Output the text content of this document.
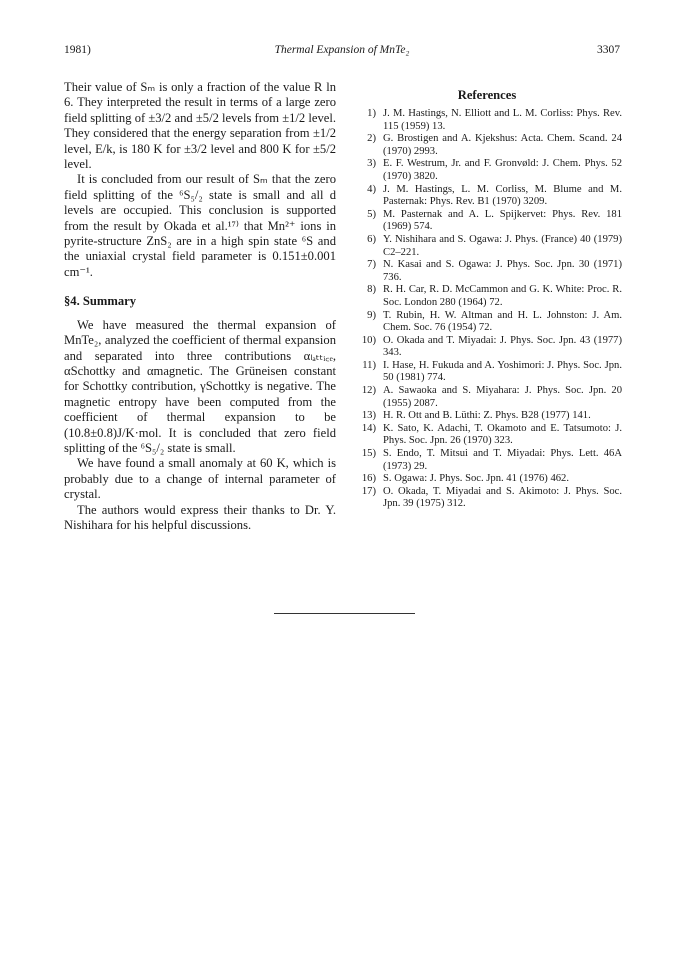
1981)	Thermal Expansion of MnTe₂	3307

Their value of Sₘ is only a fraction of the value R ln 6. They interpreted the result in terms of a large zero field splitting of ±3/2 and ±5/2 levels from ±1/2 level. They considered that the energy separation from ±1/2 level, E/k, is 180 K for ±3/2 level and 800 K for ±5/2 level.

It is concluded from our result of Sₘ that the zero field splitting of the ⁶S₅/₂ state is small and all d levels are occupied. This conclusion is supported from the result by Okada et al.¹⁷⁾ that Mn²⁺ ions in pyrite-structure ZnS₂ are in a high spin state ⁶S and the uniaxial crystal field parameter is 0.151±0.001 cm⁻¹.

§4. Summary

We have measured the thermal expansion of MnTe₂, analyzed the coefficient of thermal expansion and separated into three contributions αₗₐₜₜᵢ꜀ₑ, αSchottky and αmagnetic. The Grüneisen constant for Schottky contribution, γSchottky is negative. The magnetic entropy have been computed from the coefficient of thermal expansion to be (10.8±0.8)J/K·mol. It is concluded that zero field splitting of the ⁶S₅/₂ state is small.

We have found a small anomaly at 60 K, which is probably due to a change of internal parameter of crystal.

The authors would express their thanks to Dr. Y. Nishihara for his helpful discussions.

References
1) J. M. Hastings, N. Elliott and L. M. Corliss: Phys. Rev. 115 (1959) 13.
2) G. Brostigen and A. Kjekshus: Acta. Chem. Scand. 24 (1970) 2993.
3) E. F. Westrum, Jr. and F. Gronvøld: J. Chem. Phys. 52 (1970) 3820.
4) J. M. Hastings, L. M. Corliss, M. Blume and M. Pasternak: Phys. Rev. B1 (1970) 3209.
5) M. Pasternak and A. L. Spijkervet: Phys. Rev. 181 (1969) 574.
6) Y. Nishihara and S. Ogawa: J. Phys. (France) 40 (1979) C2–221.
7) N. Kasai and S. Ogawa: J. Phys. Soc. Jpn. 30 (1971) 736.
8) R. H. Car, R. D. McCammon and G. K. White: Proc. R. Soc. London 280 (1964) 72.
9) T. Rubin, H. W. Altman and H. L. Johnston: J. Am. Chem. Soc. 76 (1954) 72.
10) O. Okada and T. Miyadai: J. Phys. Soc. Jpn. 43 (1977) 343.
11) I. Hase, H. Fukuda and A. Yoshimori: J. Phys. Soc. Jpn. 50 (1981) 774.
12) A. Sawaoka and S. Miyahara: J. Phys. Soc. Jpn. 20 (1955) 2087.
13) H. R. Ott and B. Lüthi: Z. Phys. B28 (1977) 141.
14) K. Sato, K. Adachi, T. Okamoto and E. Tatsumoto: J. Phys. Soc. Jpn. 26 (1970) 323.
15) S. Endo, T. Mitsui and T. Miyadai: Phys. Lett. 46A (1973) 29.
16) S. Ogawa: J. Phys. Soc. Jpn. 41 (1976) 462.
17) O. Okada, T. Miyadai and S. Akimoto: J. Phys. Soc. Jpn. 39 (1975) 312.
